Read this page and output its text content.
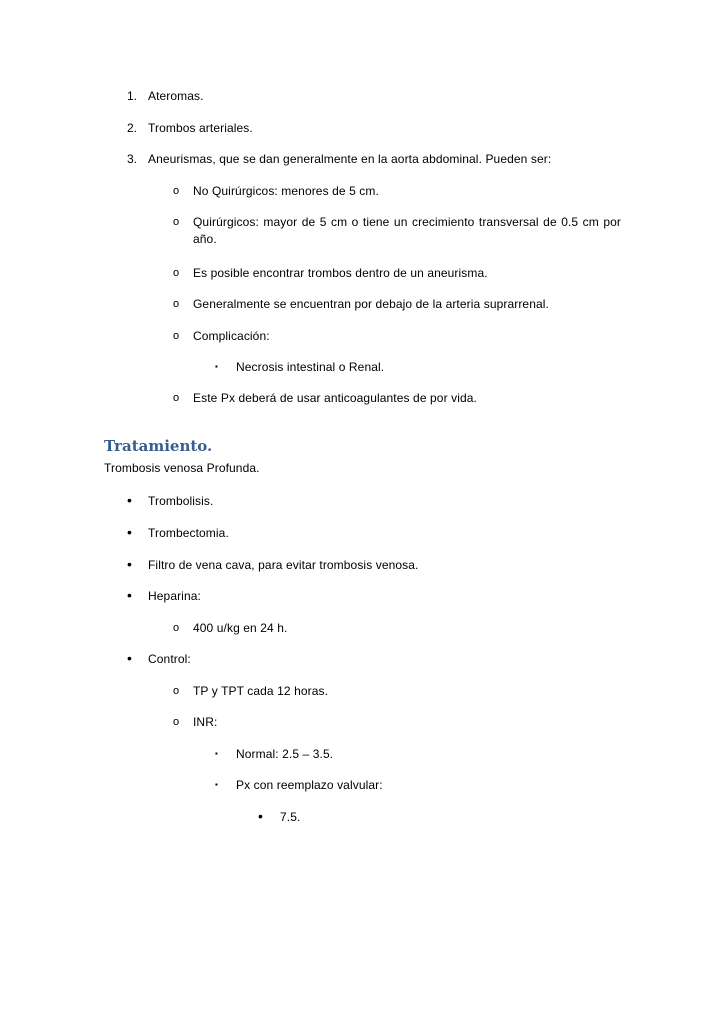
1. Ateromas.
2. Trombos arteriales.
3. Aneurismas, que se dan generalmente en la aorta abdominal. Pueden ser:
o No Quirúrgicos: menores de 5 cm.
o Quirúrgicos: mayor de 5 cm o tiene un crecimiento transversal de 0.5 cm por año.
o Es posible encontrar trombos dentro de un aneurisma.
o Generalmente se encuentran por debajo de la arteria suprarrenal.
o Complicación:
▪ Necrosis intestinal o Renal.
o Este Px deberá de usar anticoagulantes de por vida.
Tratamiento.
Trombosis venosa Profunda.
• Trombolisis.
• Trombectomia.
• Filtro de vena cava, para evitar trombosis venosa.
• Heparina:
o 400 u/kg en 24 h.
• Control:
o TP y TPT cada 12 horas.
o INR:
▪ Normal: 2.5 – 3.5.
▪ Px con reemplazo valvular:
• 7.5.
